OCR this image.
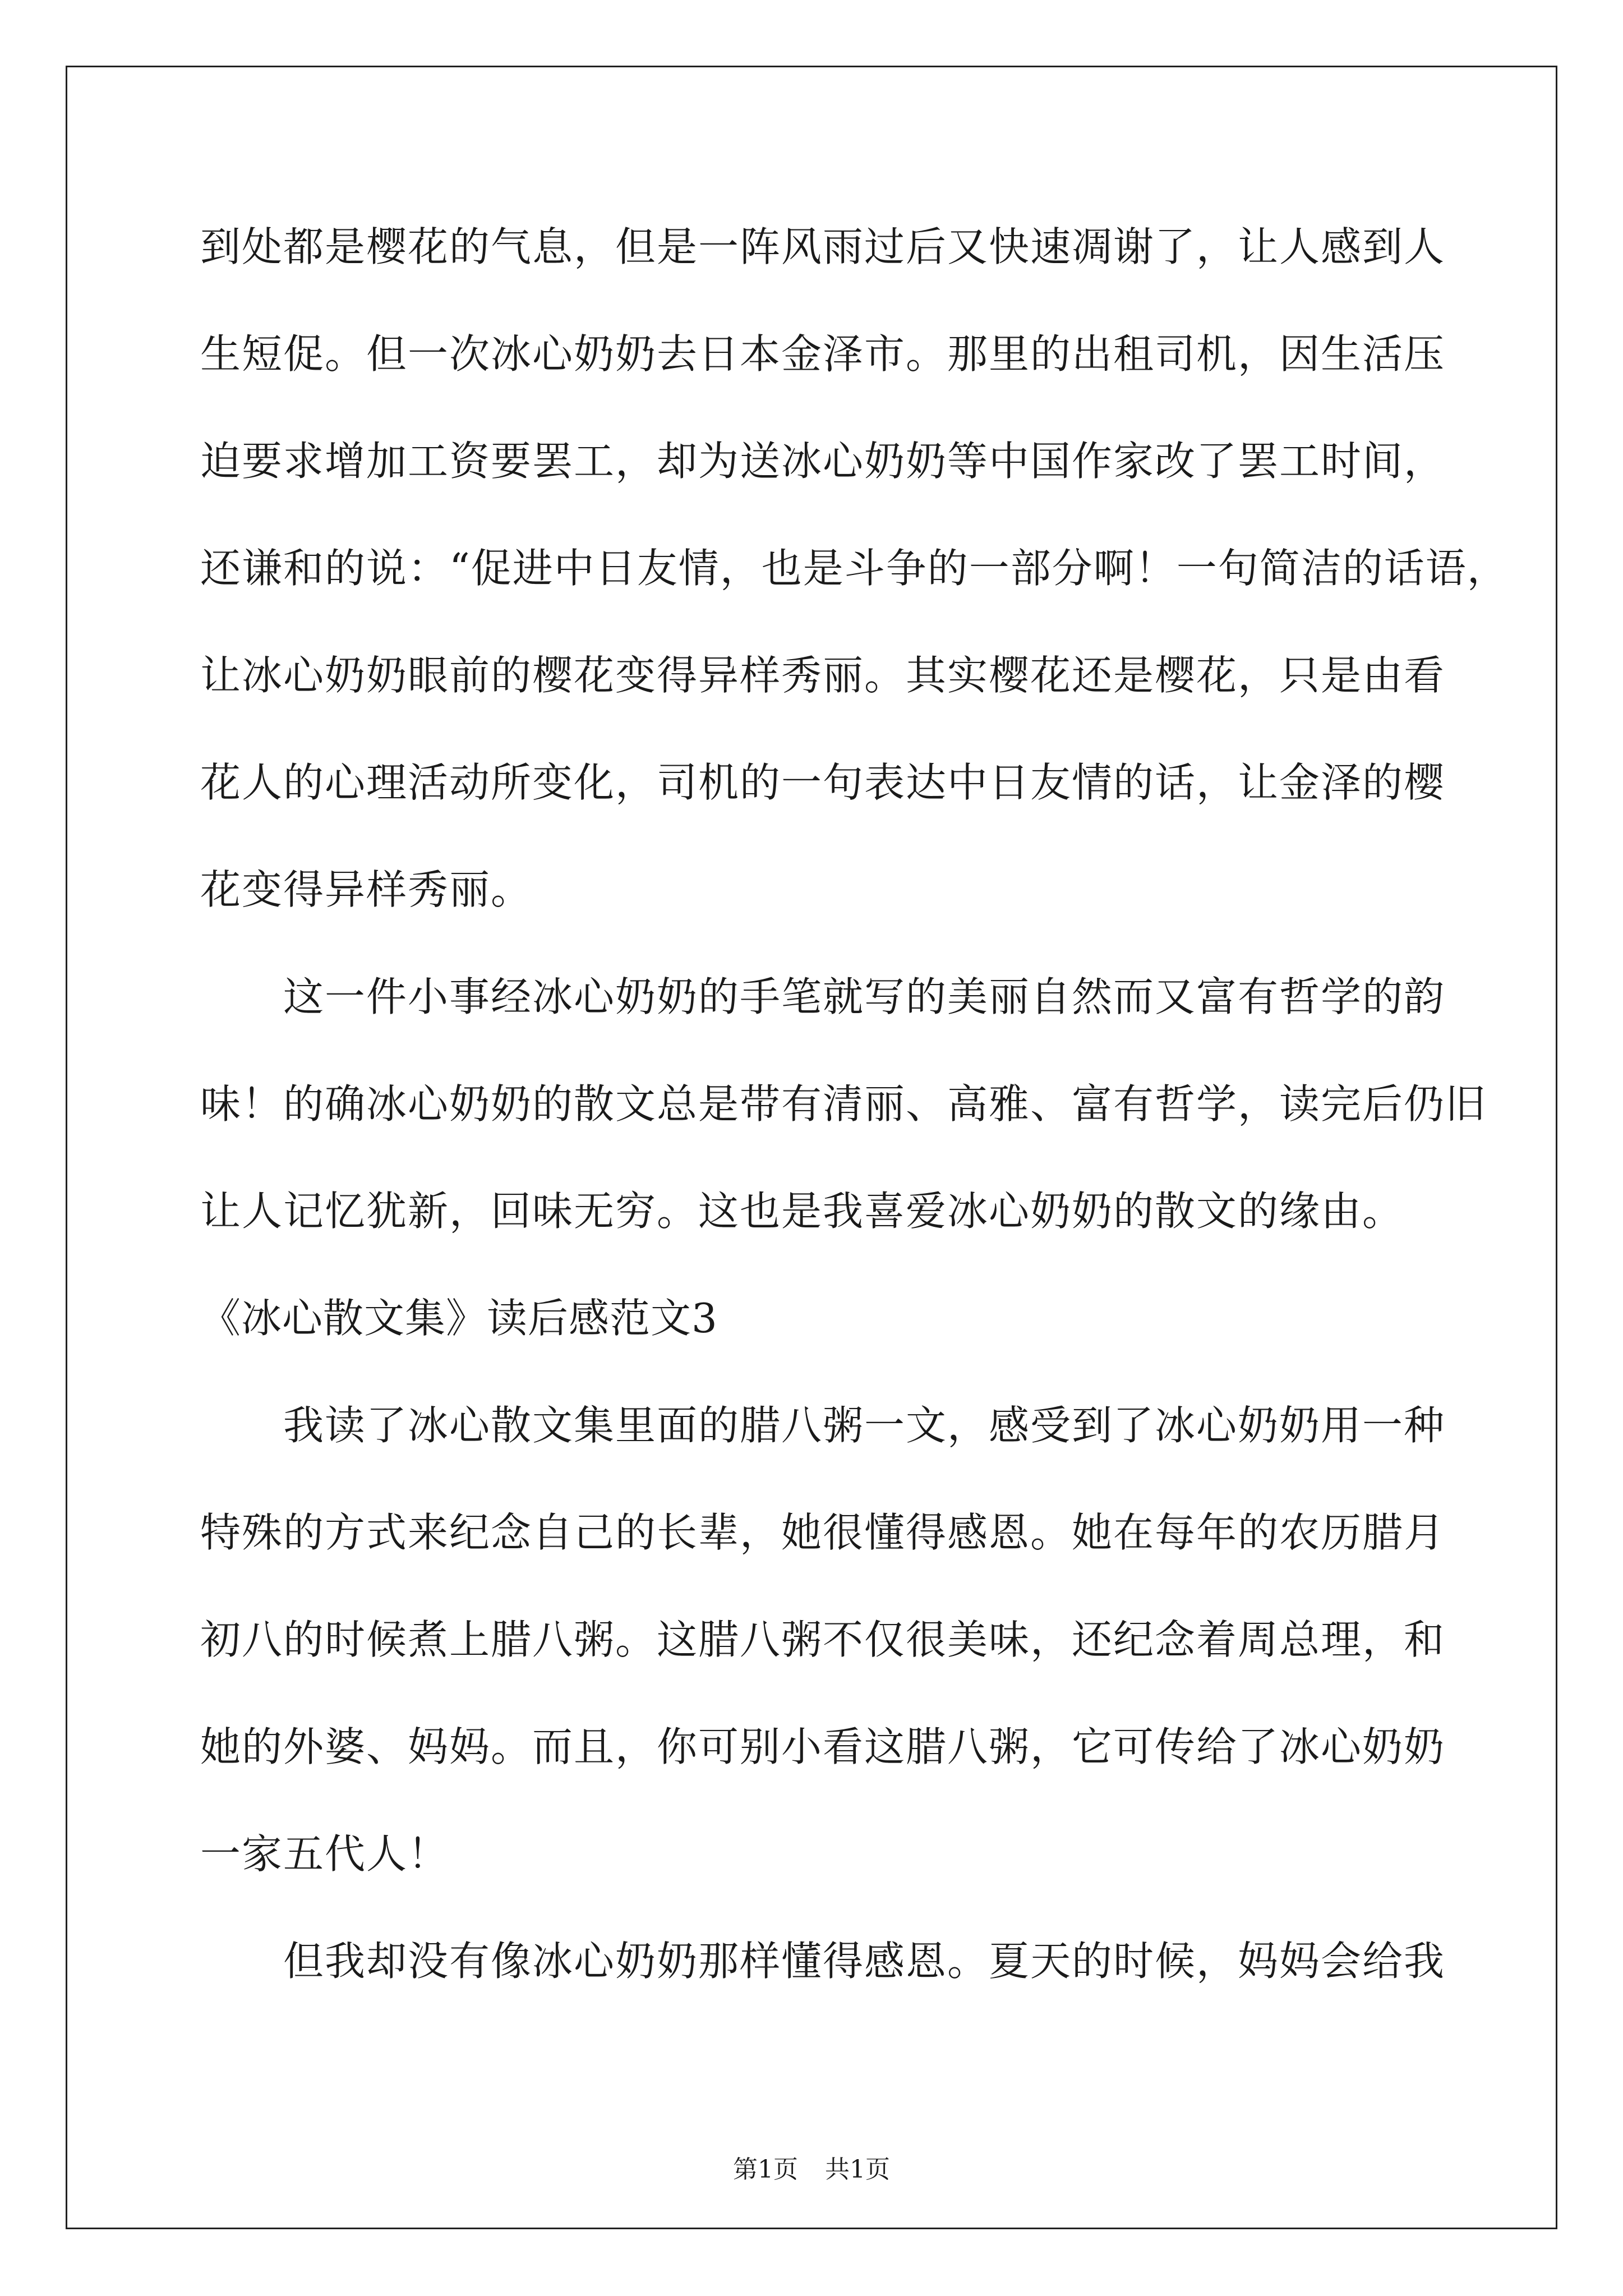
到处都是樱花的气息，但是一阵风雨过后又快速凋谢了，让人感到人
生短促。但一次冰心奶奶去日本金泽市。那里的出租司机，因生活压
迫要求增加工资要罢工，却为送冰心奶奶等中国作家改了罢工时间，
还谦和的说：“促进中日友情，也是斗争的一部分啊！一句简洁的话语，
让冰心奶奶眼前的樱花变得异样秀丽。其实樱花还是樱花，只是由看
花人的心理活动所变化，司机的一句表达中日友情的话，让金泽的樱
花变得异样秀丽。
这一件小事经冰心奶奶的手笔就写的美丽自然而又富有哲学的韵
味！的确冰心奶奶的散文总是带有清丽、高雅、富有哲学，读完后仍旧
让人记忆犹新，回味无穷。这也是我喜爱冰心奶奶的散文的缘由。
《冰心散文集》读后感范文3
我读了冰心散文集里面的腊八粥一文，感受到了冰心奶奶用一种
特殊的方式来纪念自己的长辈，她很懂得感恩。她在每年的农历腊月
初八的时候煮上腊八粥。这腊八粥不仅很美味，还纪念着周总理，和
她的外婆、妈妈。而且，你可别小看这腊八粥，它可传给了冰心奶奶
一家五代人！
但我却没有像冰心奶奶那样懂得感恩。夏天的时候，妈妈会给我
第1页 共1页
